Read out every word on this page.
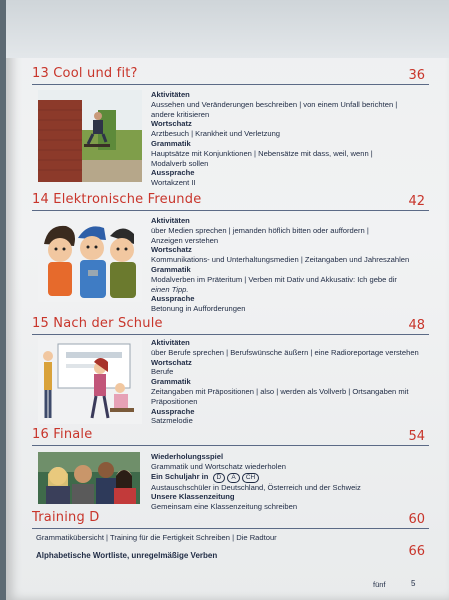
13 Cool und fit?	36
Aktivitäten
Aussehen und Veränderungen beschreiben | von einem Unfall berichten |
andere kritisieren
Wortschatz
Arztbesuch | Krankheit und Verletzung
Grammatik
Hauptsätze mit Konjunktionen | Nebensätze mit dass, weil, wenn |
Modalverb sollen
Aussprache
Wortakzent II
14 Elektronische Freunde	42
Aktivitäten
über Medien sprechen | jemanden höflich bitten oder auffordern |
Anzeigen verstehen
Wortschatz
Kommunikations- und Unterhaltungsmedien | Zeitangaben und Jahreszahlen
Grammatik
Modalverben im Präteritum | Verben mit Dativ und Akkusativ: Ich gebe dir
einen Tipp.
Aussprache
Betonung in Aufforderungen
15 Nach der Schule	48
Aktivitäten
über Berufe sprechen | Berufswünsche äußern | eine Radioreportage verstehen
Wortschatz
Berufe
Grammatik
Zeitangaben mit Präpositionen | also | werden als Vollverb | Ortsangaben mit
Präpositionen
Aussprache
Satzmelodie
16 Finale	54
Wiederholungsspiel
Grammatik und Wortschatz wiederholen
Ein Schuljahr in D A CH
Austauschschüler in Deutschland, Österreich und der Schweiz
Unsere Klassenzeitung
Gemeinsam eine Klassenzeitung schreiben
Training D	60
Grammatikübersicht | Training für die Fertigkeit Schreiben | Die Radtour
Alphabetische Wortliste, unregelmäßige Verben	66
fünf	5
